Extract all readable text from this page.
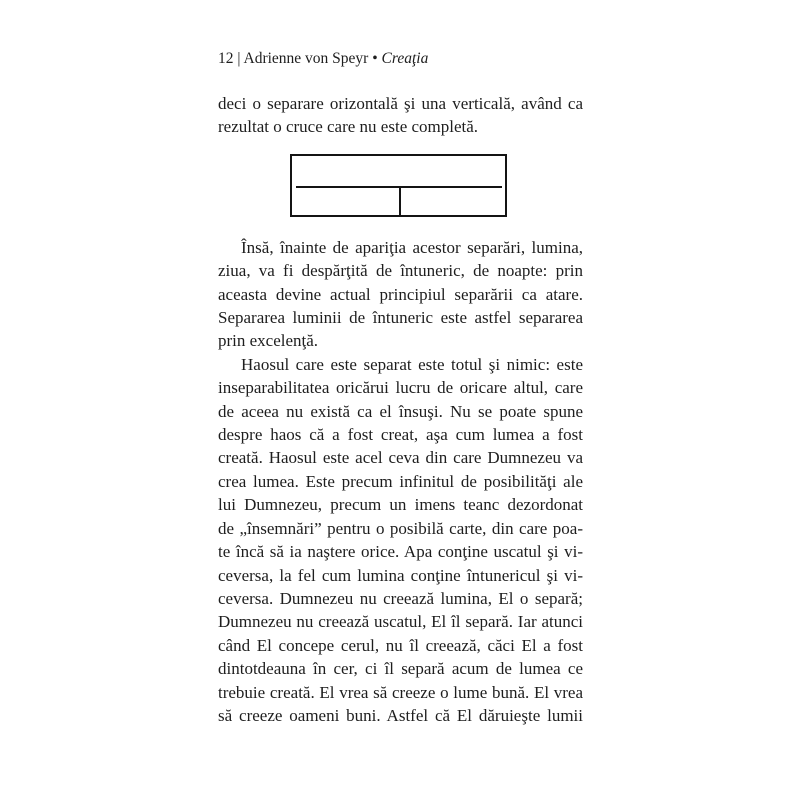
12 | Adrienne von Speyr • Creaţia
deci o separare orizontală şi una verticală, având ca
rezultat o cruce care nu este completă.
Însă, înainte de apariţia acestor separări, lumina,
ziua, va fi despărţită de întuneric, de noapte: prin
aceasta devine actual principiul separării ca atare.
Separarea luminii de întuneric este astfel separarea
prin excelenţă.
Haosul care este separat este totul şi nimic: este
inseparabilitatea oricărui lucru de oricare altul, care
de aceea nu există ca el însuşi. Nu se poate spune
despre haos că a fost creat, aşa cum lumea a fost
creată. Haosul este acel ceva din care Dumnezeu va
crea lumea. Este precum infinitul de posibilităţi ale
lui Dumnezeu, precum un imens teanc dezordonat
de „însemnări” pentru o posibilă carte, din care poa-
te încă să ia naştere orice. Apa conţine uscatul şi vi-
ceversa, la fel cum lumina conţine întunericul şi vi-
ceversa. Dumnezeu nu creează lumina, El o separă;
Dumnezeu nu creează uscatul, El îl separă. Iar atunci
când El concepe cerul, nu îl creează, căci El a fost
dintotdeauna în cer, ci îl separă acum de lumea ce
trebuie creată. El vrea să creeze o lume bună. El vrea
să creeze oameni buni. Astfel că El dăruieşte lumii
